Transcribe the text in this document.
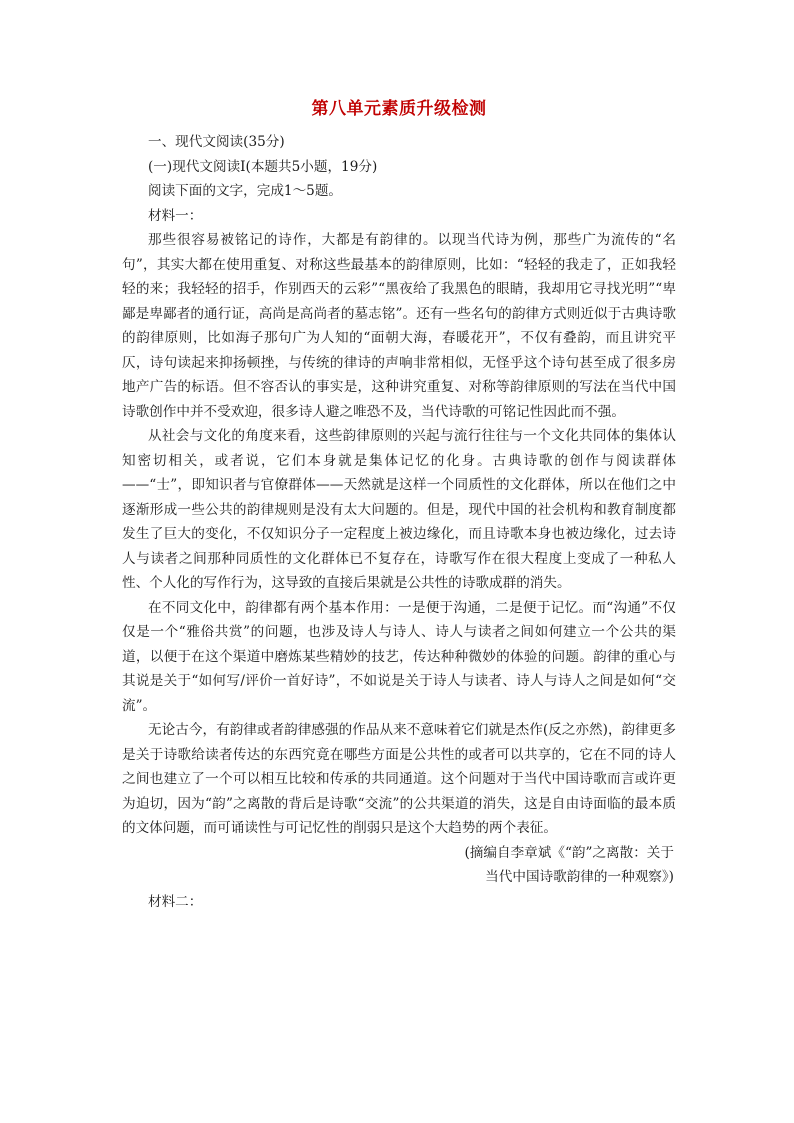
第八单元素质升级检测

一、现代文阅读(35分)

(一)现代文阅读Ⅰ(本题共5小题，19分)

阅读下面的文字，完成1～5题。

材料一：

那些很容易被铭记的诗作，大都是有韵律的。以现当代诗为例，那些广为流传的“名句”，其实大都在使用重复、对称这些最基本的韵律原则，比如：“轻轻的我走了，正如我轻轻的来；我轻轻的招手，作别西天的云彩”“黑夜给了我黑色的眼睛，我却用它寻找光明”“卑鄙是卑鄙者的通行证，高尚是高尚者的墓志铭”。还有一些名句的韵律方式则近似于古典诗歌的韵律原则，比如海子那句广为人知的“面朝大海，春暖花开”，不仅有叠韵，而且讲究平仄，诗句读起来抑扬顿挫，与传统的律诗的声响非常相似，无怪乎这个诗句甚至成了很多房地产广告的标语。但不容否认的事实是，这种讲究重复、对称等韵律原则的写法在当代中国诗歌创作中并不受欢迎，很多诗人避之唯恐不及，当代诗歌的可铭记性因此而不强。

从社会与文化的角度来看，这些韵律原则的兴起与流行往往与一个文化共同体的集体认知密切相关，或者说，它们本身就是集体记忆的化身。古典诗歌的创作与阅读群体——“士”，即知识者与官僚群体——天然就是这样一个同质性的文化群体，所以在他们之中逐渐形成一些公共的韵律规则是没有太大问题的。但是，现代中国的社会机构和教育制度都发生了巨大的变化，不仅知识分子一定程度上被边缘化，而且诗歌本身也被边缘化，过去诗人与读者之间那种同质性的文化群体已不复存在，诗歌写作在很大程度上变成了一种私人性、个人化的写作行为，这导致的直接后果就是公共性的诗歌成群的消失。

在不同文化中，韵律都有两个基本作用：一是便于沟通，二是便于记忆。而“沟通”不仅仅是一个“雅俗共赏”的问题，也涉及诗人与诗人、诗人与读者之间如何建立一个公共的渠道，以便于在这个渠道中磨炼某些精妙的技艺，传达种种微妙的体验的问题。韵律的重心与其说是关于“如何写/评价一首好诗”，不如说是关于诗人与读者、诗人与诗人之间是如何“交流”。

无论古今，有韵律或者韵律感强的作品从来不意味着它们就是杰作(反之亦然)，韵律更多是关于诗歌给读者传达的东西究竟在哪些方面是公共性的或者可以共享的，它在不同的诗人之间也建立了一个可以相互比较和传承的共同通道。这个问题对于当代中国诗歌而言或许更为迫切，因为“韵”之离散的背后是诗歌“交流”的公共渠道的消失，这是自由诗面临的最本质的文体问题，而可诵读性与可记忆性的削弱只是这个大趋势的两个表征。

(摘编自李章斌《“韵”之离散：关于

当代中国诗歌韵律的一种观察》)

材料二：
